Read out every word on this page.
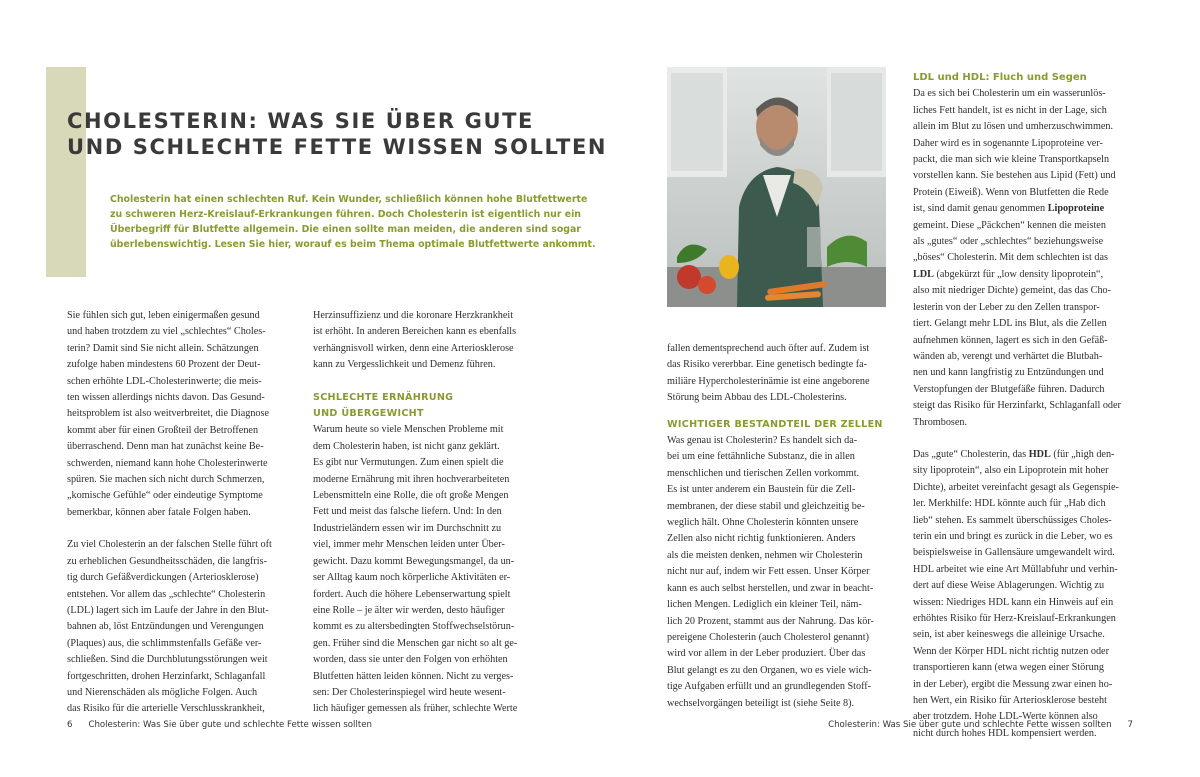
CHOLESTERIN: WAS SIE ÜBER GUTE
UND SCHLECHTE FETTE WISSEN SOLLTEN
Cholesterin hat einen schlechten Ruf. Kein Wunder, schließlich können hohe Blutfettwerte
zu schweren Herz-Kreislauf-Erkrankungen führen. Doch Cholesterin ist eigentlich nur ein
Überbegriff für Blutfette allgemein. Die einen sollte man meiden, die anderen sind sogar
überlebenswichtig. Lesen Sie hier, worauf es beim Thema optimale Blutfettwerte ankommt.
Sie fühlen sich gut, leben einigermaßen gesund
und haben trotzdem zu viel „schlechtes“ Choles-
terin? Damit sind Sie nicht allein. Schätzungen
zufolge haben mindestens 60 Prozent der Deut-
schen erhöhte LDL-Cholesterinwerte; die meis-
ten wissen allerdings nichts davon. Das Gesund-
heitsproblem ist also weitverbreitet, die Diagnose
kommt aber für einen Großteil der Betroffenen
überraschend. Denn man hat zunächst keine Be-
schwerden, niemand kann hohe Cholesterinwerte
spüren. Sie machen sich nicht durch Schmerzen,
„komische Gefühle“ oder eindeutige Symptome
bemerkbar, können aber fatale Folgen haben.
Zu viel Cholesterin an der falschen Stelle führt oft
zu erheblichen Gesundheitsschäden, die langfris-
tig durch Gefäßverdickungen (Arteriosklerose)
entstehen. Vor allem das „schlechte“ Cholesterin
(LDL) lagert sich im Laufe der Jahre in den Blut-
bahnen ab, löst Entzündungen und Verengungen
(Plaques) aus, die schlimmstenfalls Gefäße ver-
schließen. Sind die Durchblutungsstörungen weit
fortgeschritten, drohen Herzinfarkt, Schlaganfall
und Nierenschäden als mögliche Folgen. Auch
das Risiko für die arterielle Verschlusskrankheit,
Herzinsuffizienz und die koronare Herzkrankheit
ist erhöht. In anderen Bereichen kann es ebenfalls
verhängnisvoll wirken, denn eine Arteriosklerose
kann zu Vergesslichkeit und Demenz führen.
SCHLECHTE ERNÄHRUNG
UND ÜBERGEWICHT
Warum heute so viele Menschen Probleme mit
dem Cholesterin haben, ist nicht ganz geklärt.
Es gibt nur Vermutungen. Zum einen spielt die
moderne Ernährung mit ihren hochverarbeiteten
Lebensmitteln eine Rolle, die oft große Mengen
Fett und meist das falsche liefern. Und: In den
Industrieländern essen wir im Durchschnitt zu
viel, immer mehr Menschen leiden unter Über-
gewicht. Dazu kommt Bewegungsmangel, da un-
ser Alltag kaum noch körperliche Aktivitäten er-
fordert. Auch die höhere Lebenserwartung spielt
eine Rolle – je älter wir werden, desto häufiger
kommt es zu altersbedingten Stoffwechselstörun-
gen. Früher sind die Menschen gar nicht so alt ge-
worden, dass sie unter den Folgen von erhöhten
Blutfetten hätten leiden können. Nicht zu verges-
sen: Der Cholesterinspiegel wird heute wesent-
lich häufiger gemessen als früher, schlechte Werte
6 Cholesterin: Was Sie über gute und schlechte Fette wissen sollten
fallen dementsprechend auch öfter auf. Zudem ist
das Risiko vererbbar. Eine genetisch bedingte fa-
miliäre Hypercholesterinämie ist eine angeborene
Störung beim Abbau des LDL-Cholesterins.
WICHTIGER BESTANDTEIL DER ZELLEN
Was genau ist Cholesterin? Es handelt sich da-
bei um eine fettähnliche Substanz, die in allen
menschlichen und tierischen Zellen vorkommt.
Es ist unter anderem ein Baustein für die Zell-
membranen, der diese stabil und gleichzeitig be-
weglich hält. Ohne Cholesterin könnten unsere
Zellen also nicht richtig funktionieren. Anders
als die meisten denken, nehmen wir Cholesterin
nicht nur auf, indem wir Fett essen. Unser Körper
kann es auch selbst herstellen, und zwar in beacht-
lichen Mengen. Lediglich ein kleiner Teil, näm-
lich 20 Prozent, stammt aus der Nahrung. Das kör-
pereigene Cholesterin (auch Cholesterol genannt)
wird vor allem in der Leber produziert. Über das
Blut gelangt es zu den Organen, wo es viele wich-
tige Aufgaben erfüllt und an grundlegenden Stoff-
wechselvorgängen beteiligt ist (siehe Seite 8).
LDL und HDL: Fluch und Segen
Da es sich bei Cholesterin um ein wasserunlös-
liches Fett handelt, ist es nicht in der Lage, sich
allein im Blut zu lösen und umherzuschwimmen.
Daher wird es in sogenannte Lipoproteine ver-
packt, die man sich wie kleine Transportkapseln
vorstellen kann. Sie bestehen aus Lipid (Fett) und
Protein (Eiweiß). Wenn von Blutfetten die Rede
ist, sind damit genau genommen Lipoproteine
gemeint. Diese „Päckchen“ kennen die meisten
als „gutes“ oder „schlechtes“ beziehungsweise
„böses“ Cholesterin. Mit dem schlechten ist das
LDL (abgekürzt für „low density lipoprotein“,
also mit niedriger Dichte) gemeint, das das Cho-
lesterin von der Leber zu den Zellen transpor-
tiert. Gelangt mehr LDL ins Blut, als die Zellen
aufnehmen können, lagert es sich in den Gefäß-
wänden ab, verengt und verhärtet die Blutbah-
nen und kann langfristig zu Entzündungen und
Verstopfungen der Blutgefäße führen. Dadurch
steigt das Risiko für Herzinfarkt, Schlaganfall oder
Thrombosen.
Das „gute“ Cholesterin, das HDL (für „high den-
sity lipoprotein“, also ein Lipoprotein mit hoher
Dichte), arbeitet vereinfacht gesagt als Gegenspie-
ler. Merkhilfe: HDL könnte auch für „Hab dich
lieb“ stehen. Es sammelt überschüssiges Choles-
terin ein und bringt es zurück in die Leber, wo es
beispielsweise in Gallensäure umgewandelt wird.
HDL arbeitet wie eine Art Müllabfuhr und verhin-
dert auf diese Weise Ablagerungen. Wichtig zu
wissen: Niedriges HDL kann ein Hinweis auf ein
erhöhtes Risiko für Herz-Kreislauf-Erkrankungen
sein, ist aber keineswegs die alleinige Ursache.
Wenn der Körper HDL nicht richtig nutzen oder
transportieren kann (etwa wegen einer Störung
in der Leber), ergibt die Messung zwar einen ho-
hen Wert, ein Risiko für Arteriosklerose besteht
aber trotzdem. Hohe LDL-Werte können also
nicht durch hohes HDL kompensiert werden.
Cholesterin: Was Sie über gute und schlechte Fette wissen sollten 7
